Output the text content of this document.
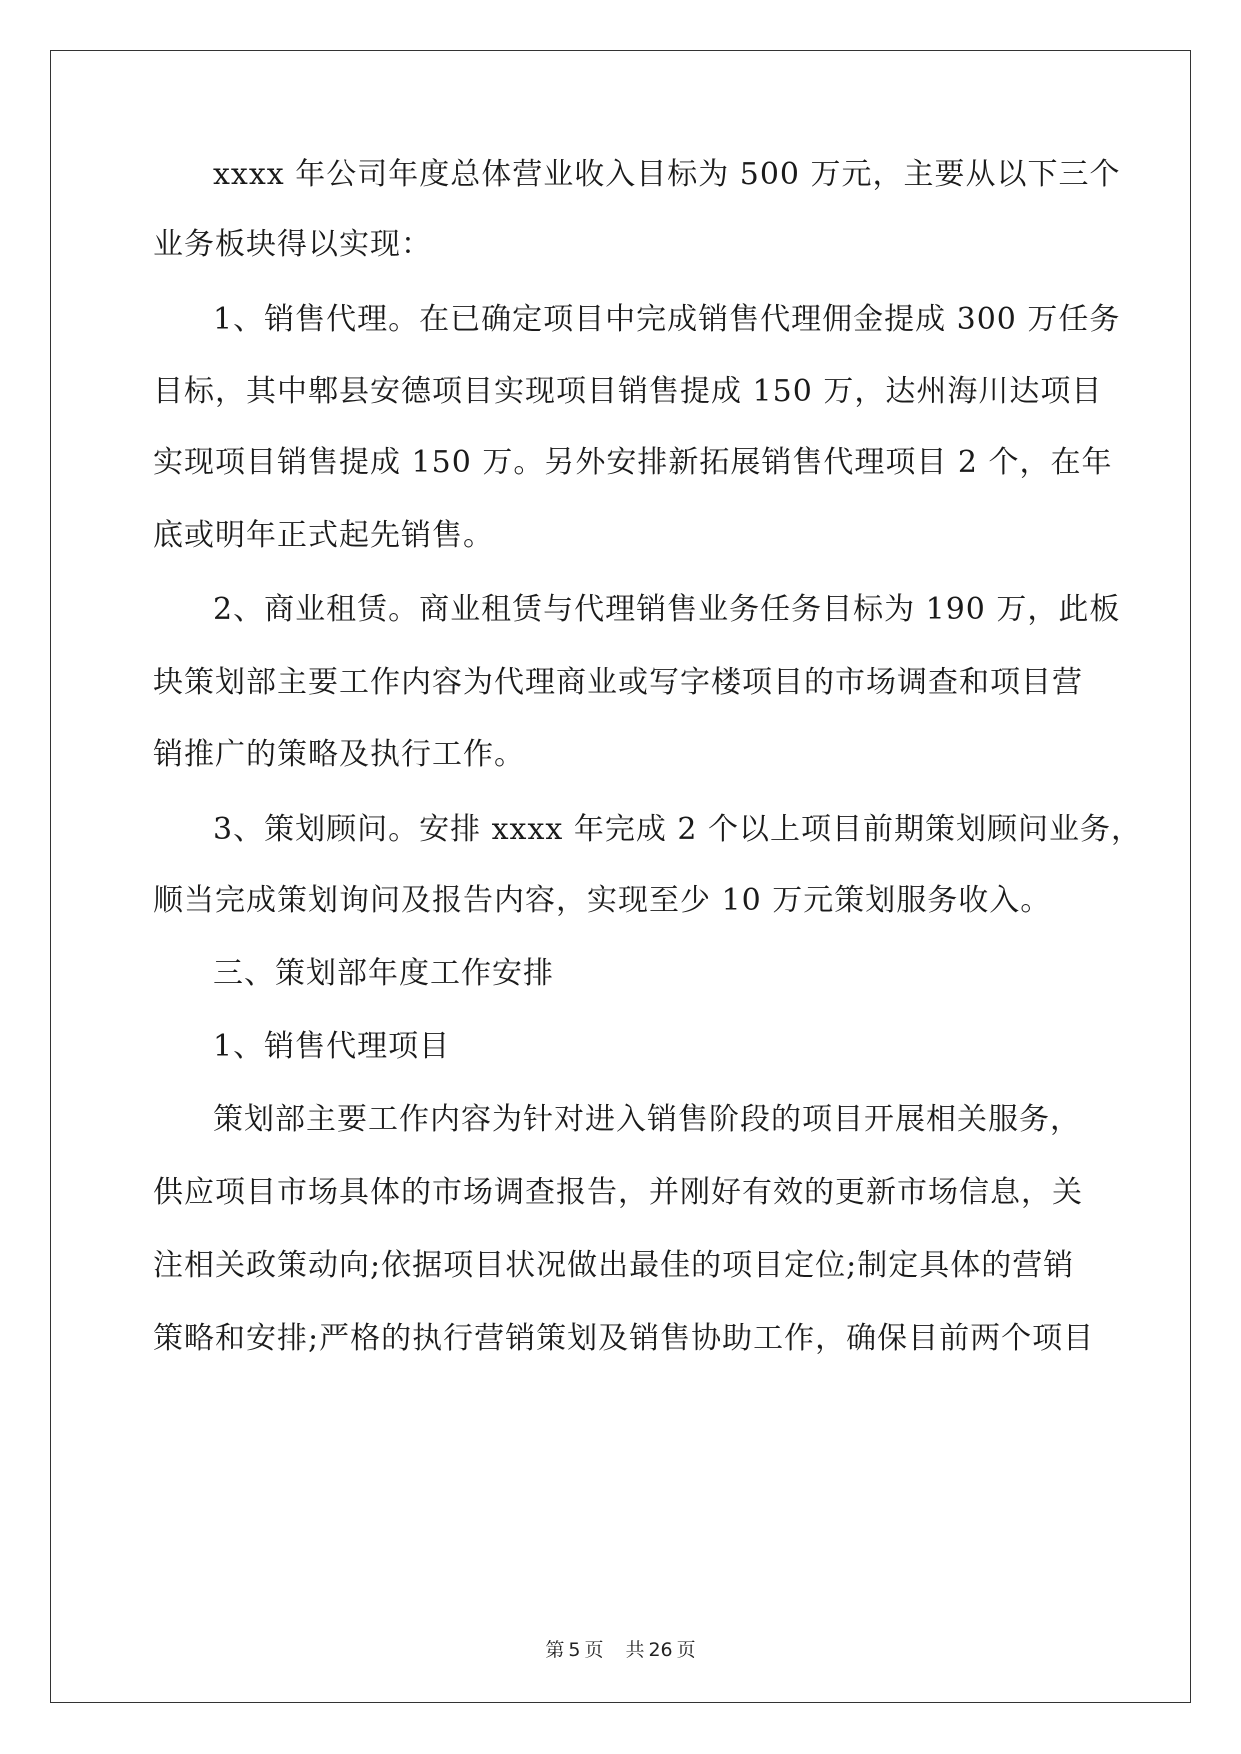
xxxx 年公司年度总体营业收入目标为 500 万元，主要从以下三个
业务板块得以实现：
1、销售代理。在已确定项目中完成销售代理佣金提成 300 万任务
目标，其中郫县安德项目实现项目销售提成 150 万，达州海川达项目
实现项目销售提成 150 万。另外安排新拓展销售代理项目 2 个，在年
底或明年正式起先销售。
2、商业租赁。商业租赁与代理销售业务任务目标为 190 万，此板
块策划部主要工作内容为代理商业或写字楼项目的市场调查和项目营
销推广的策略及执行工作。
3、策划顾问。安排 xxxx 年完成 2 个以上项目前期策划顾问业务，
顺当完成策划询问及报告内容，实现至少 10 万元策划服务收入。
三、策划部年度工作安排
1、销售代理项目
策划部主要工作内容为针对进入销售阶段的项目开展相关服务，
供应项目市场具体的市场调查报告，并刚好有效的更新市场信息，关
注相关政策动向;依据项目状况做出最佳的项目定位;制定具体的营销
策略和安排;严格的执行营销策划及销售协助工作，确保目前两个项目
第 5 页 共 26 页
